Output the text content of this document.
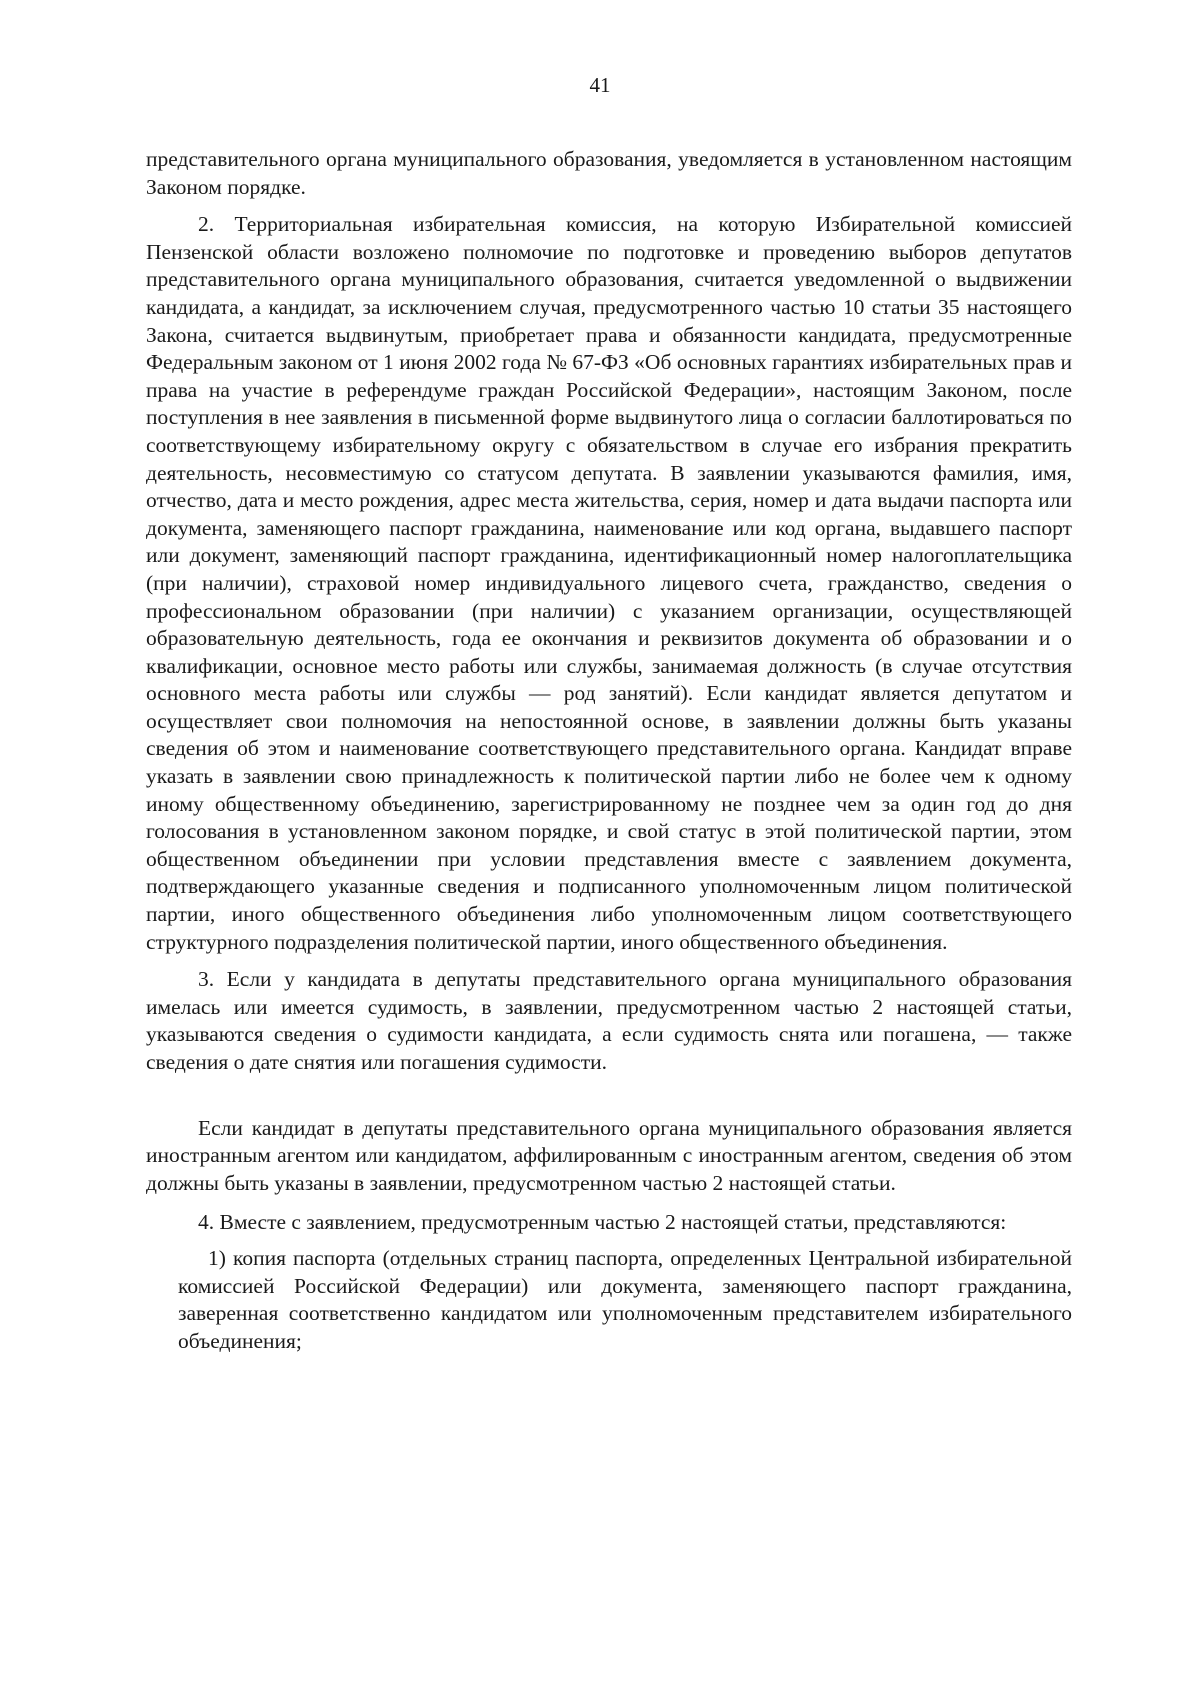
41

представительного органа муниципального образования, уведомляется в установленном настоящим Законом порядке.

2. Территориальная избирательная комиссия, на которую Избирательной комиссией Пензенской области возложено полномочие по подготовке и проведению выборов депутатов представительного органа муниципального образования, считается уведомленной о выдвижении кандидата, а кандидат, за исключением случая, предусмотренного частью 10 статьи 35 настоящего Закона, считается выдвинутым, приобретает права и обязанности кандидата, предусмотренные Федеральным законом от 1 июня 2002 года № 67-ФЗ «Об основных гарантиях избирательных прав и права на участие в референдуме граждан Российской Федерации», настоящим Законом, после поступления в нее заявления в письменной форме выдвинутого лица о согласии баллотироваться по соответствующему избирательному округу с обязательством в случае его избрания прекратить деятельность, несовместимую со статусом депутата. В заявлении указываются фамилия, имя, отчество, дата и место рождения, адрес места жительства, серия, номер и дата выдачи паспорта или документа, заменяющего паспорт гражданина, наименование или код органа, выдавшего паспорт или документ, заменяющий паспорт гражданина, идентификационный номер налогоплательщика (при наличии), страховой номер индивидуального лицевого счета, гражданство, сведения о профессиональном образовании (при наличии) с указанием организации, осуществляющей образовательную деятельность, года ее окончания и реквизитов документа об образовании и о квалификации, основное место работы или службы, занимаемая должность (в случае отсутствия основного места работы или службы — род занятий). Если кандидат является депутатом и осуществляет свои полномочия на непостоянной основе, в заявлении должны быть указаны сведения об этом и наименование соответствующего представительного органа. Кандидат вправе указать в заявлении свою принадлежность к политической партии либо не более чем к одному иному общественному объединению, зарегистрированному не позднее чем за один год до дня голосования в установленном законом порядке, и свой статус в этой политической партии, этом общественном объединении при условии представления вместе с заявлением документа, подтверждающего указанные сведения и подписанного уполномоченным лицом политической партии, иного общественного объединения либо уполномоченным лицом соответствующего структурного подразделения политической партии, иного общественного объединения.

3. Если у кандидата в депутаты представительного органа муниципального образования имелась или имеется судимость, в заявлении, предусмотренном частью 2 настоящей статьи, указываются сведения о судимости кандидата, а если судимость снята или погашена, — также сведения о дате снятия или погашения судимости.

Если кандидат в депутаты представительного органа муниципального образования является иностранным агентом или кандидатом, аффилированным с иностранным агентом, сведения об этом должны быть указаны в заявлении, предусмотренном частью 2 настоящей статьи.

4. Вместе с заявлением, предусмотренным частью 2 настоящей статьи, представляются:

1) копия паспорта (отдельных страниц паспорта, определенных Центральной избирательной комиссией Российской Федерации) или документа, заменяющего паспорт гражданина, заверенная соответственно кандидатом или уполномоченным представителем избирательного объединения;
